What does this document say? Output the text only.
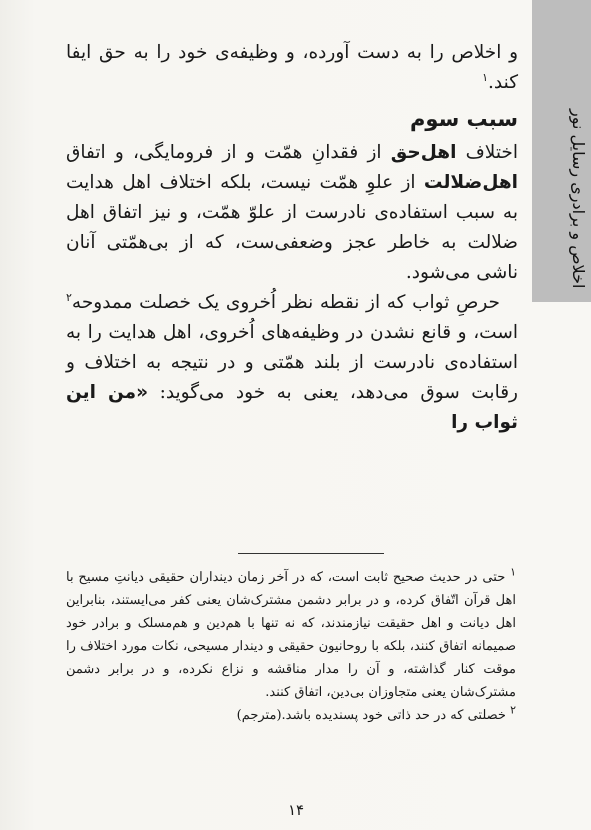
اخلاص و برادری رسایل نور

و اخلاص را به دست آورده، و وظیفه‌ی خود را به حق ایفا کند.$^۱$

سبب سوم

اختلاف اهل‌حق از فقدانِ همّت و از فرومایگی، و اتفاق اهل‌ضلالت از علوِ همّت نیست، بلکه اختلاف اهل هدایت به سبب استفاده‌ی نادرست از علوّ همّت، و نیز اتفاق اهل ضلالت به خاطر عجز وضعفی‌ست، که از بی‌همّتی آنان ناشی می‌شود.

حرصِ ثواب که از نقطه نظر اُخروی یک خصلت ممدوحه$^۲$ است، و قانع نشدن در وظیفه‌های اُخروی، اهل هدایت را به استفاده‌ی نادرست از بلند همّتی و در نتیجه به اختلاف و رقابت سوق می‌دهد، یعنی به خود می‌گوید: «من این ثواب را

$^۱$ حتی در حدیث صحیح ثابت است، که در آخر زمان دینداران حقیقی دیانتِ مسیح با اهل قرآن اتّفاق کرده، و در برابر دشمن مشترک‌شان یعنی کفر می‌ایستند، بنابراین اهل دیانت و اهل حقیقت نیازمندند، که نه تنها با هم‌دین و هم‌مسلک و برادر خود صمیمانه اتفاق کنند، بلکه با روحانیون حقیقی و دیندار مسیحی، نکات مورد اختلاف را موقت کنار گذاشته، و آن را مدار مناقشه و نزاع نکرده، و در برابر دشمن مشترک‌شان یعنی متجاوزان بی‌دین، اتفاق کنند.

$^۲$ خصلتی که در حد ذاتی خود پسندیده باشد.(مترجم)

۱۴
